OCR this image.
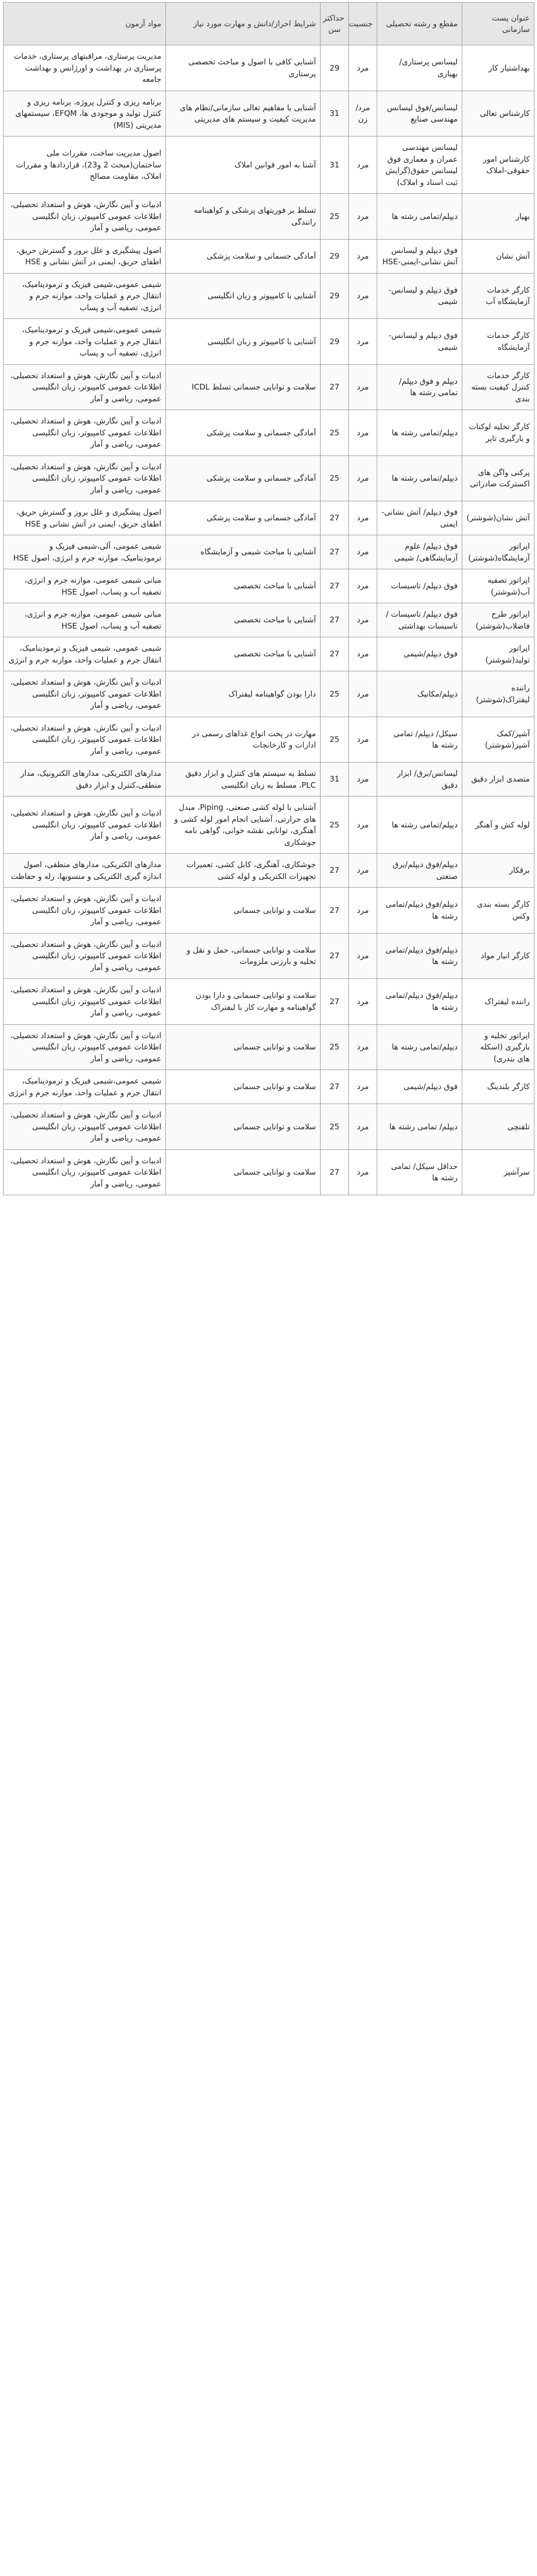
عنوان پست سازمانی	مقطع و رشته تحصیلی	جنسیت	حداکثر سن	شرایط احراز/دانش و مهارت مورد نیاز	مواد آزمون
بهداشتیار کار	لیسانس پرستاری/بهیاری	مرد	29	آشنایی کافی با اصول و مباحث تخصصی پرستاری	مدیریت پرستاری، مراقبتهای پرستاری، خدمات پرستاری در بهداشت و اورژانس و بهداشت جامعه
کارشناس تعالی	لیسانس/فوق لیسانس مهندسی صنایع	مرد/زن	31	آشنایی با مفاهیم تعالی سازمانی/نظام های مدیریت کیفیت و سیستم های مدیریتی	برنامه ریزی و کنترل پروژه، برنامه ریزی و کنترل تولید و موجودی ها، EFQM، سیستمهای مدیریتی (MIS)
کارشناس امور حقوقی-املاک	لیسانس مهندسی عمران و معماری فوق لیسانس حقوق(گرایش ثبت اسناد و املاک)	مرد	31	آشنا به امور قوانین املاک	اصول مدیریت ساخت، مقررات ملی ساختمان(مبحث 2 و23)، قراردادها و مقررات املاک، مقاومت مصالح
بهیار	دیپلم/تمامی رشته ها	مرد	25	تسلط بر فوریتهای پزشکی و کواهینامه رانندگی	ادبیات و آیین نگارش، هوش و استعداد تحصیلی، اطلاعات عمومی کامپیوتر، زبان انگلیسی عمومی، ریاضی و آمار
آتش نشان	فوق دیپلم و لیسانس آتش نشانی-ایمنی-HSE	مرد	29	آمادگی جسمانی و سلامت پزشکی	اصول پیشگیری و علل بروز و گسترش حریق، اطفای حریق، ایمنی در آتش نشانی و HSE
کارگر خدمات آزمایشگاه آب	فوق دیپلم و لیسانس-شیمی	مرد	29	آشنایی با کامپیوتر و زبان انگلیسی	شیمی عمومی،شیمی فیزیک و ترمودینامیک، انتقال جرم و عملیات واحد، موازنه جرم و انرژی، تصفیه آب و پساب
کارگر خدمات آزمایشگاه	فوق دیپلم و لیسانس-شیمی	مرد	29	آشنایی با کامپیوتر و زبان انگلیسی	شیمی عمومی،شیمی فیزیک و ترمودینامیک، انتقال جرم و عملیات واحد، موازنه جرم و انرژی، تصفیه آب و پساب
کارگر خدمات کنترل کیفیت بسته بندی	دیپلم و فوق دیپلم/تمامی رشته ها	مرد	27	سلامت و توانایی جسمانی تسلط ICDL	ادبیات و آیین نگارش، هوش و استعداد تحصیلی، اطلاعات عمومی کامپیوتر، زبان انگلیسی عمومی، ریاضی و آمار
کارگر تخلیه لوکنات و بارگیری تایر	دیپلم/تمامی رشته ها	مرد	25	آمادگی جسمانی و سلامت پزشکی	ادبیات و آیین نگارش، هوش و استعداد تحصیلی، اطلاعات عمومی کامپیوتر، زبان انگلیسی عمومی، ریاضی و آمار
پرکنی واگن های اکسترکت صادراتی	دیپلم/تمامی رشته ها	مرد	25	آمادگی جسمانی و سلامت پزشکی	ادبیات و آیین نگارش، هوش و استعداد تحصیلی، اطلاعات عمومی کامپیوتر، زبان انگلیسی عمومی، ریاضی و آمار
آتش نشان(شوشتر)	فوق دیپلم/ آتش نشانی-ایمنی	مرد	27	آمادگی جسمانی و سلامت پزشکی	اصول پیشگیری و علل بروز و گسترش حریق، اطفای حریق، ایمنی در آتش نشانی و HSE
اپراتور آزمایشگاه(شوشتر)	فوق دیپلم/ علوم آزمایشگاهی/ شیمی	مرد	27	آشنایی با مباحث شیمی و آزمایشگاه	شیمی عمومی، آلی،شیمی فیزیک و ترمودینامیک، موازنه جرم و انرژی، اصول HSE
اپراتور تصفیه آب(شوشتر)	فوق دیپلم/ تاسیسات	مرد	27	آشنایی با مباحث تخصصی	مبانی شیمی عمومی، موازنه جرم و انرژی، تصفیه آب و پساب، اصول HSE
اپراتور طرح فاضلاب(شوشتر)	فوق دیپلم/ تاسیسات /تاسیسات بهداشتی	مرد	27	آشنایی با مباحث تخصصی	مبانی شیمی عمومی، موازنه جرم و انرژی، تصفیه آب و پساب، اصول HSE
اپراتور تولید(شوشتر)	فوق دیپلم/شیمی	مرد	27	آشنایی با مباحث تخصصی	شیمی عمومی، شیمی فیزیک و ترمودینامیک، انتقال جرم و عملیات واحد، موازنه جرم و انرژی
راننده لیفتراک(شوشتر)	دیپلم/مکانیک	مرد	25	دارا بودن گواهینامه لیفتراک	ادبیات و آیین نگارش، هوش و استعداد تحصیلی، اطلاعات عمومی کامپیوتر، زبان انگلیسی عمومی، ریاضی و آمار
آشپز/کمک آشپز(شوشتر)	سیکل/ دیپلم/ تمامی رشته ها	مرد	25	مهارت در پخت انواع غذاهای رسمی در ادارات و کارخانجات	ادبیات و آیین نگارش، هوش و استعداد تحصیلی، اطلاعات عمومی کامپیوتر، زبان انگلیسی عمومی، ریاضی و آمار
متصدی ابزار دقیق	لیسانس/برق/ ابزار دقیق	مرد	31	تسلط به سیستم های کنترل و ابزار دقیق PLC، مسلط به زبان انگلیسی	مدارهای الکتریکی، مدارهای الکترونیک، مدار منطقی،کنترل و ابزار دقیق
لوله کش و آهنگر	دیپلم/تمامی رشته ها	مرد	25	آشنایی با لوله کشی صنعتی، Piping، مبدل های حرارتی، آشنایی انجام امور لوله کشی و آهنگری، توانایی نقشه خوانی، گواهی نامه جوشکاری	ادبیات و آیین نگارش، هوش و استعداد تحصیلی، اطلاعات عمومی کامپیوتر، زبان انگلیسی عمومی، ریاضی و آمار
برقکار	دیپلم/فوق دیپلم/برق صنعتی	مرد	27	جوشکاری، آهنگری، کابل کشی، تعمیرات تجهیزات الکتریکی و لوله کشی	مدارهای الکتریکی، مدارهای منطقی، اصول اندازه گیری الکتریکی و منسوبها، رله و حفاظت
کارگر بسته بندی وکس	دیپلم/فوق دیپلم/تمامی رشته ها	مرد	27	سلامت و توانایی جسمانی	ادبیات و آیین نگارش، هوش و استعداد تحصیلی، اطلاعات عمومی کامپیوتر، زبان انگلیسی عمومی، ریاضی و آمار
کارگر انبار مواد	دیپلم/فوق دیپلم/تمامی رشته ها	مرد	27	سلامت و توانایی جسمانی، حمل و نقل و تخلیه و بارزنی ملزومات	ادبیات و آیین نگارش، هوش و استعداد تحصیلی، اطلاعات عمومی کامپیوتر، زبان انگلیسی عمومی، ریاضی و آمار
راننده لیفتراک	دیپلم/فوق دیپلم/تمامی رشته ها	مرد	27	سلامت و توانایی جسمانی و دارا بودن گواهینامه و مهارت کار با لیفتراک	ادبیات و آیین نگارش، هوش و استعداد تحصیلی، اطلاعات عمومی کامپیوتر، زبان انگلیسی عمومی، ریاضی و آمار
اپراتور تخلیه و بارگیری (اسکله های بندری)	دیپلم/تمامی رشته ها	مرد	25	سلامت و توانایی جسمانی	ادبیات و آیین نگارش، هوش و استعداد تحصیلی، اطلاعات عمومی کامپیوتر، زبان انگلیسی عمومی، ریاضی و آمار
کارگر بلندینگ	فوق دیپلم/شیمی	مرد	27	سلامت و توانایی جسمانی	شیمی عمومی،شیمی فیزیک و ترمودینامیک، انتقال جرم و عملیات واحد، موازنه جرم و انرژی
تلفنچی	دیپلم/ تمامی رشته ها	مرد	25	سلامت و توانایی جسمانی	ادبیات و آیین نگارش، هوش و استعداد تحصیلی، اطلاعات عمومی کامپیوتر، زبان انگلیسی عمومی، ریاضی و آمار
سرآشپز	حداقل سیکل/ تمامی رشته ها	مرد	27	سلامت و توانایی جسمانی	ادبیات و آیین نگارش، هوش و استعداد تحصیلی، اطلاعات عمومی کامپیوتر، زبان انگلیسی عمومی، ریاضی و آمار
